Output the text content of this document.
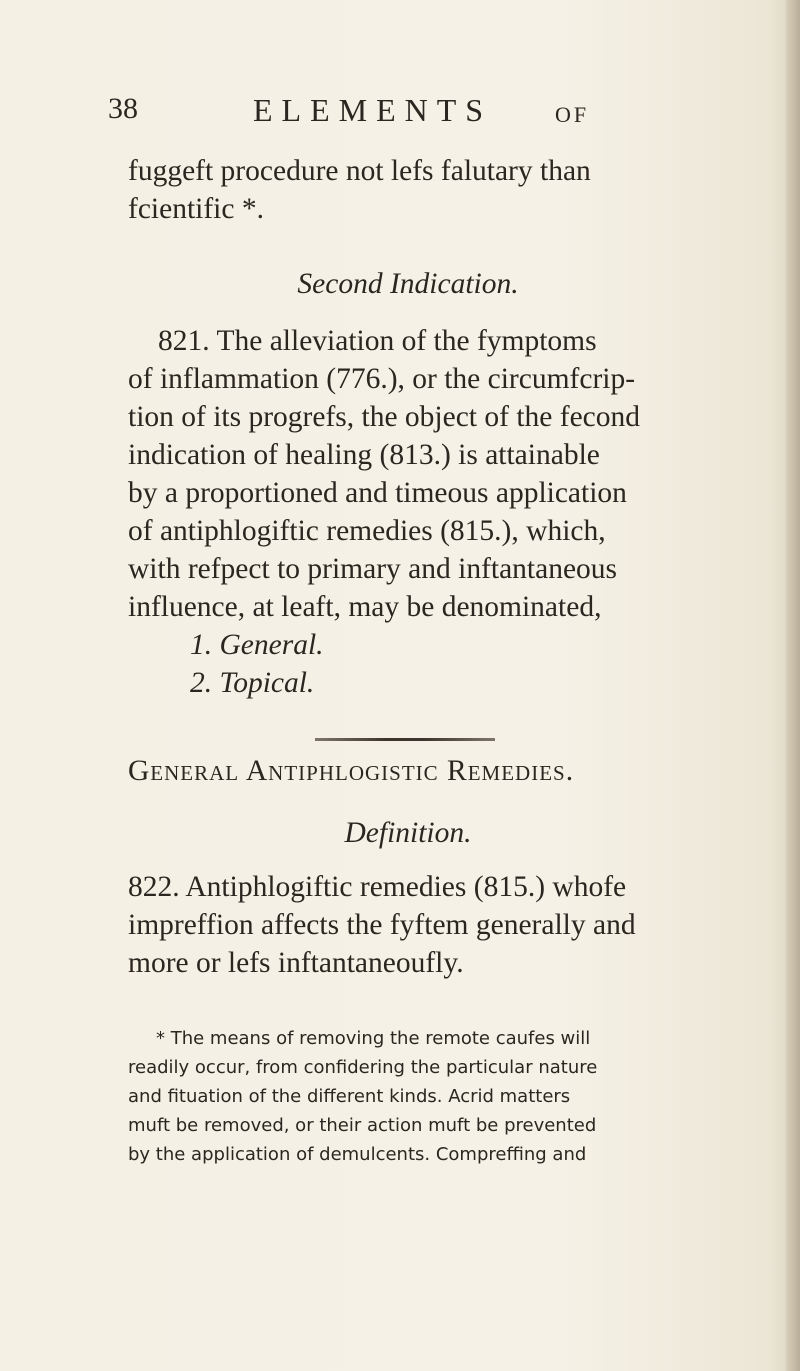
38	ELEMENTS	OF
fuggeft procedure not lefs falutary than
fcientific *.
Second Indication.
821. The alleviation of the fymptoms
of inflammation (776.), or the circumfcrip-
tion of its progrefs, the object of the fecond
indication of healing (813.) is attainable
by a proportioned and timeous application
of antiphlogiftic remedies (815.), which,
with refpect to primary and inftantaneous
influence, at leaft, may be denominated,
1. General.
2. Topical.
General Antiphlogistic Remedies.
Definition.
822. Antiphlogiftic remedies (815.) whofe
impreffion affects the fyftem generally and
more or lefs inftantaneoufly.
* The means of removing the remote caufes will
readily occur, from confidering the particular nature
and fituation of the different kinds. Acrid matters
muft be removed, or their action muft be prevented
by the application of demulcents. Compreffing and
